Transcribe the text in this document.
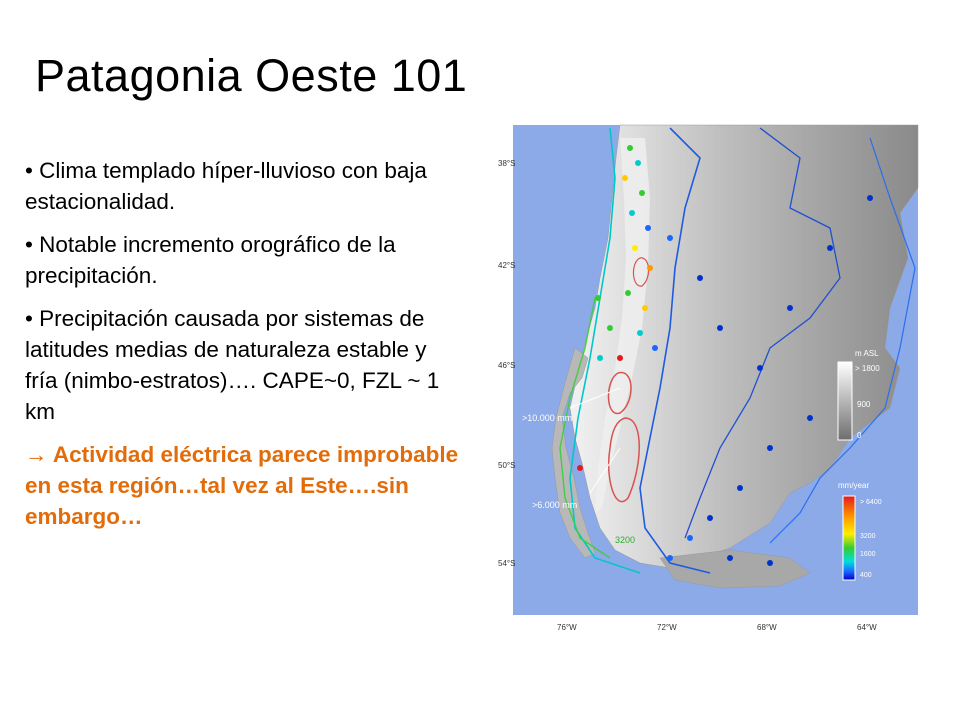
Patagonia Oeste 101
• Clima templado híper-lluvioso con baja estacionalidad.
• Notable incremento orográfico de la precipitación.
• Precipitación causada por sistemas de latitudes medias de naturaleza estable y fría (nimbo-estratos)…. CAPE~0, FZL ~ 1 km
→ Actividad eléctrica parece improbable en esta región…tal vez al Este….sin embargo…
>10.000 mm
>6.000 mm
3200
38°S
42°S
46°S
50°S
54°S
76°W	72°W	68°W	64°W
m ASL
> 1800
900
0
mm/year
> 6400
3200
1600
400
